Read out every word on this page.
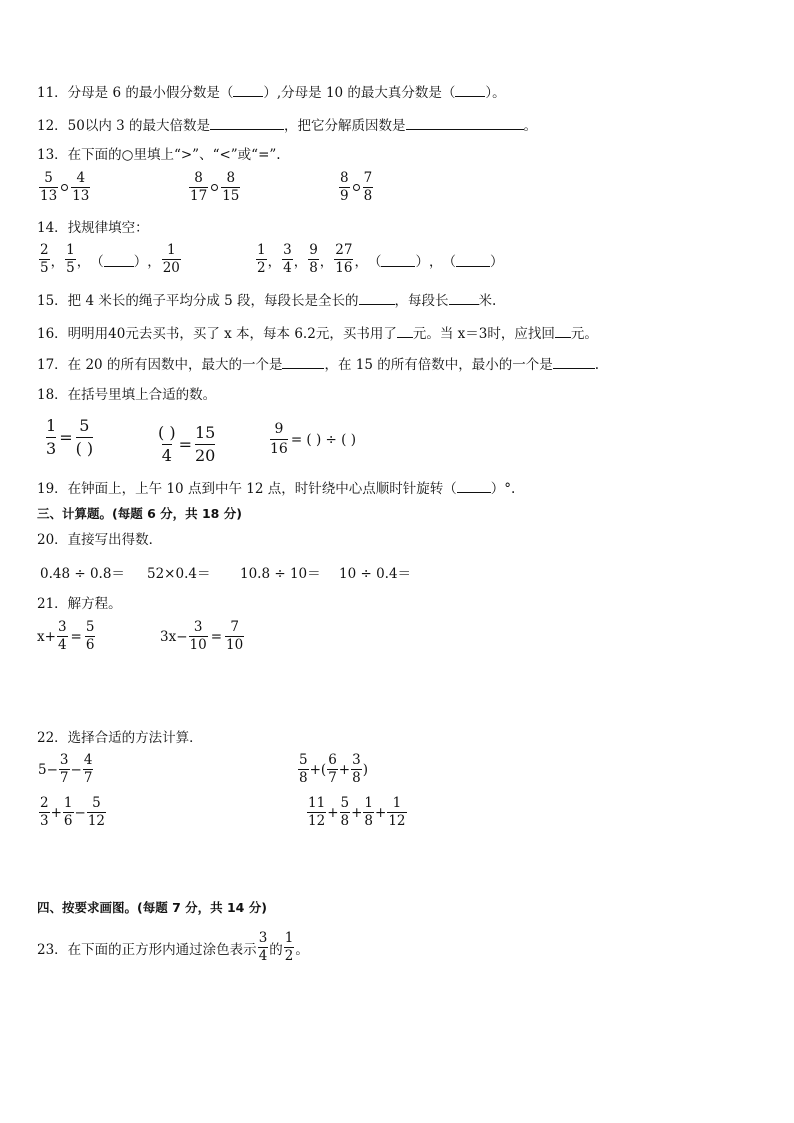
11．分母是 6 的最小假分数是（ ）,分母是 10 的最大真分数是（ ）。
12．50以内 3 的最大倍数是	，把它分解质因数是	。
13．在下面的○里填上“>”、“<”或“=”.
$\frac{5}{13} \frac{4}{13}$	$\frac{8}{17} \frac{8}{15}$	$\frac{8}{9} \frac{7}{8}$
14．找规律填空：
$\frac{2}{5}$ ， $\frac{1}{5}$ ， （ ） ， $\frac{1}{20}$	$\frac{1}{2}$ ， $\frac{3}{4}$ ， $\frac{9}{8}$ ， $\frac{27}{16}$ ， （	） ， （	）
15．把 4 米长的绳子平均分成 5 段，每段长是全长的	，每段长 米.
16．明明用40元去买书，买了 x 本，每本 6.2元，买书用了 元。当 x＝3时，应找回 元。
17．在 20 的所有因数中，最大的一个是	，在 15 的所有倍数中，最小的一个是	.
18．在括号里填上合适的数。
$\frac{1}{3} = \frac{5}{( )}$	$\frac{( )}{4} = \frac{15}{20}$	$\frac{9}{16}$ = ( ) ÷ ( )
19．在钟面上，上午 10 点到中午 12 点，时针绕中心点顺时针旋转（	）°.
三、计算题。(每题 6 分，共 18 分)
20．直接写出得数．
0.48 ÷ 0.8＝ 52×0.4＝ 10.8 ÷ 10＝ 10 ÷ 0.4＝
21．解方程。
$x+ \frac{3}{4} = \frac{5}{6}$	$3x- \frac{3}{10} = \frac{7}{10}$
22．选择合适的方法计算．
$5- \frac{3}{7} - \frac{4}{7}$	$\frac{5}{8}$ +( $\frac{6}{7} + \frac{3}{8}$ )
$\frac{2}{3} + \frac{1}{6} - \frac{5}{12}$	$\frac{11}{12} + \frac{5}{8} + \frac{1}{8} + \frac{1}{12}$
四、按要求画图。(每题 7 分，共 14 分)
23．在下面的正方形内通过涂色表示 $\frac{3}{4}$ 的 $\frac{1}{2}$ 。
